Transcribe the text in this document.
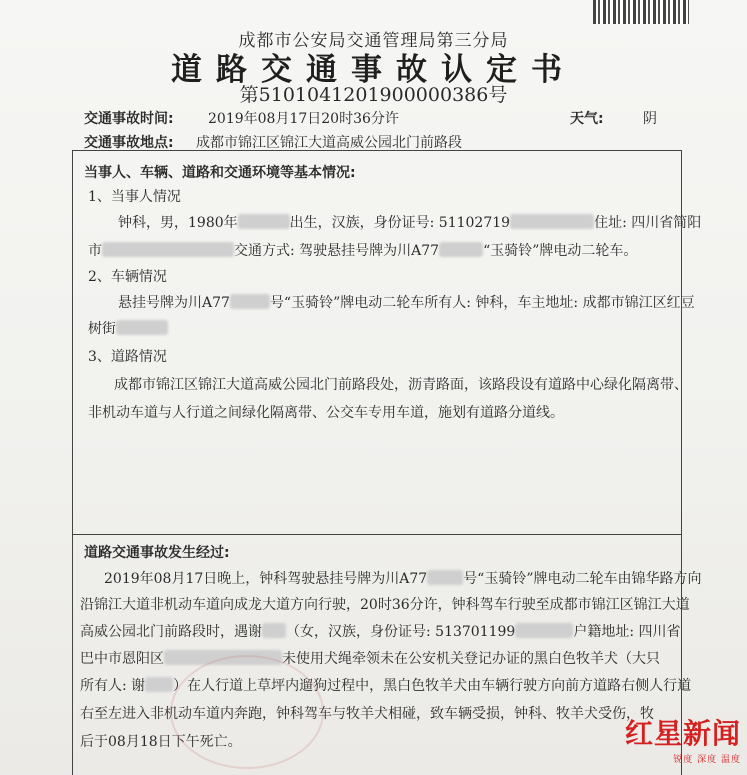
成都市公安局交通管理局第三分局
道路交通事故认定书
第5101041201900000386号
交通事故时间: 2019年08月17日20时36分许	天气:	阴
交通事故地点: 成都市锦江区锦江大道高威公园北门前路段
当事人、车辆、道路和交通环境等基本情况:
1、当事人情况
钟科，男，1980年	出生，汉族，身份证号: 51102719	住址: 四川省简阳
市	交通方式: 驾驶悬挂号牌为川A77	“玉骑铃”牌电动二轮车。
2、车辆情况
悬挂号牌为川A77	号“玉骑铃”牌电动二轮车所有人: 钟科，车主地址: 成都市锦江区红豆
树街
3、道路情况
成都市锦江区锦江大道高威公园北门前路段处，沥青路面，该路段设有道路中心绿化隔离带、
非机动车道与人行道之间绿化隔离带、公交车专用车道，施划有道路分道线。
道路交通事故发生经过:
2019年08月17日晚上，钟科驾驶悬挂号牌为川A77	号“玉骑铃”牌电动二轮车由锦华路方向
沿锦江大道非机动车道向成龙大道方向行驶，20时36分许，钟科驾车行驶至成都市锦江区锦江大道
高威公园北门前路段时，遇谢 （女，汉族，身份证号: 513701199	户籍地址: 四川省
巴中市恩阳区	未使用犬绳牵领未在公安机关登记办证的黑白色牧羊犬（大只
所有人: 谢 ）在人行道上草坪内遛狗过程中，黑白色牧羊犬由车辆行驶方向前方道路右侧人行道
右至左进入非机动车道内奔跑，钟科驾车与牧羊犬相碰，致车辆受损，钟科、牧羊犬受伤，牧
后于08月18日下午死亡。	红星新闻
锐度 深度 温度
